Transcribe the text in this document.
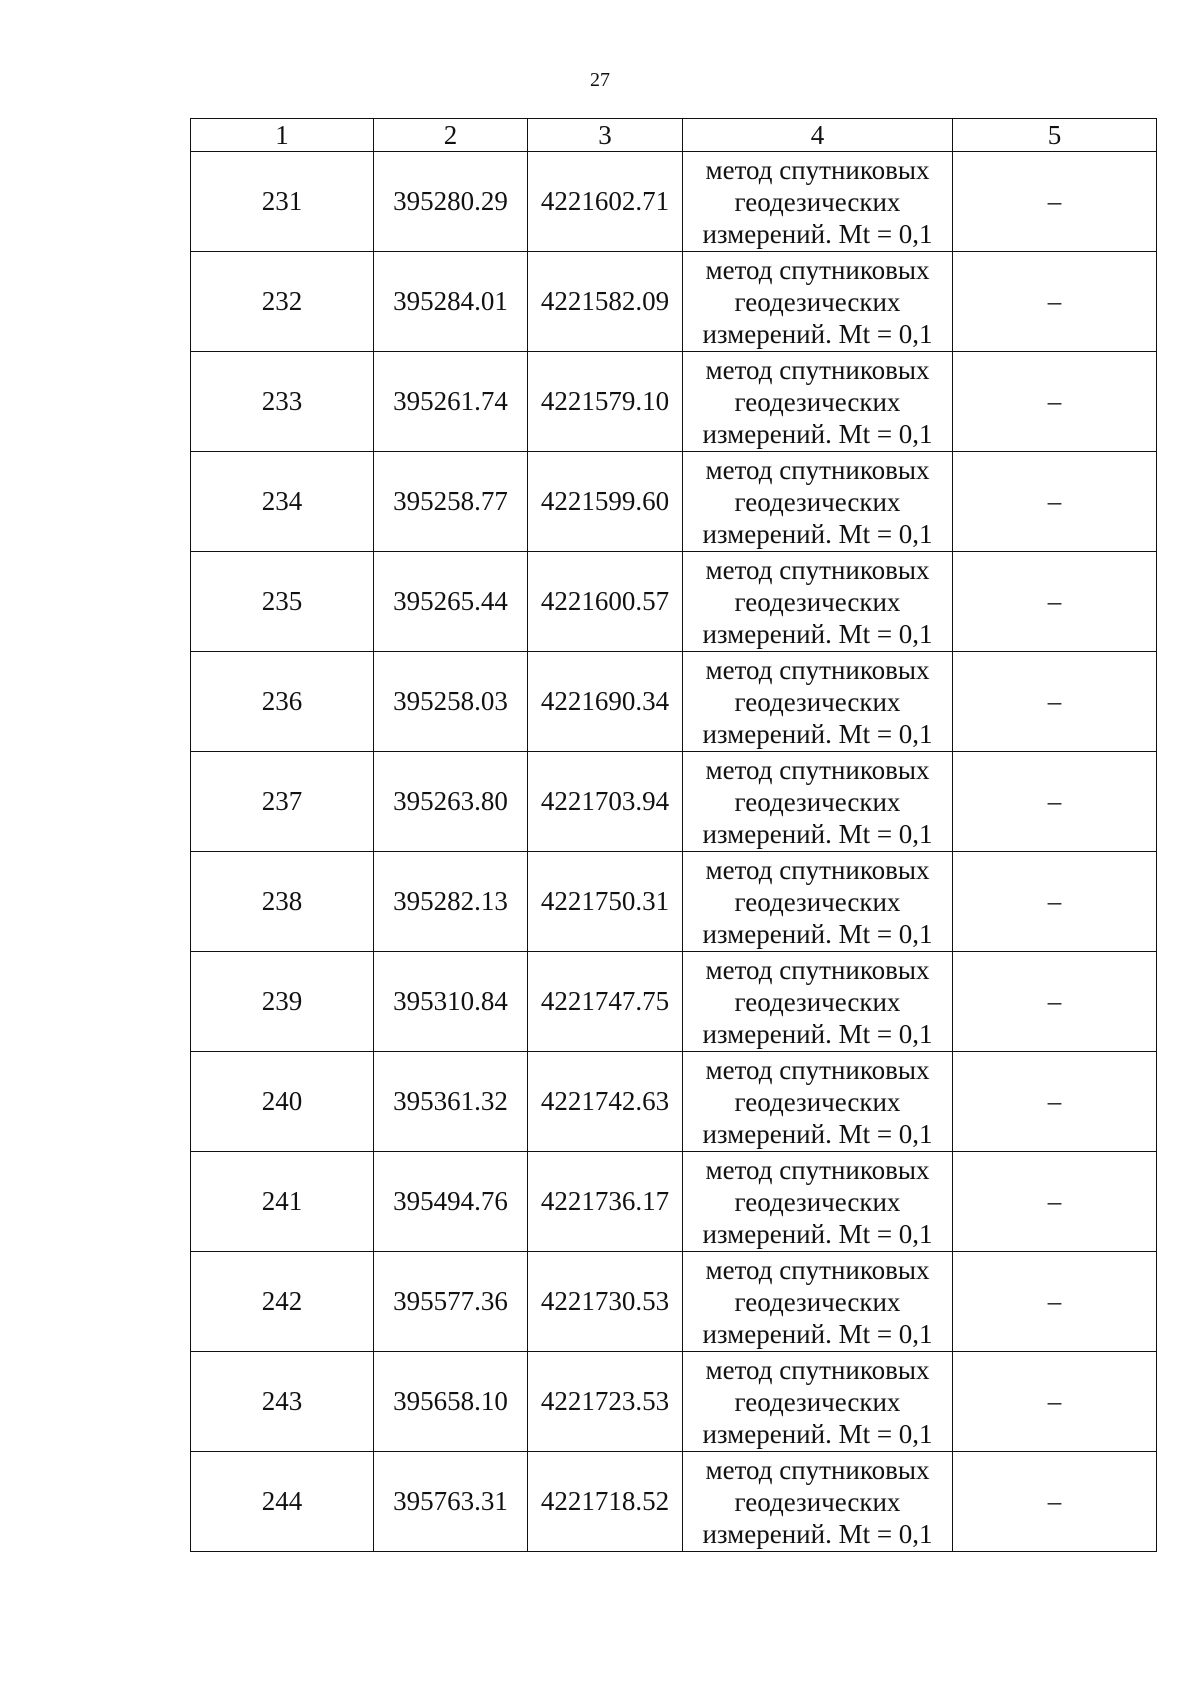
27
1	2	3	4	5
231	395280.29	4221602.71	метод спутниковых
геодезических
измерений. Mt = 0,1	–
232	395284.01	4221582.09	метод спутниковых
геодезических
измерений. Mt = 0,1	–
233	395261.74	4221579.10	метод спутниковых
геодезических
измерений. Mt = 0,1	–
234	395258.77	4221599.60	метод спутниковых
геодезических
измерений. Mt = 0,1	–
235	395265.44	4221600.57	метод спутниковых
геодезических
измерений. Mt = 0,1	–
236	395258.03	4221690.34	метод спутниковых
геодезических
измерений. Mt = 0,1	–
237	395263.80	4221703.94	метод спутниковых
геодезических
измерений. Mt = 0,1	–
238	395282.13	4221750.31	метод спутниковых
геодезических
измерений. Mt = 0,1	–
239	395310.84	4221747.75	метод спутниковых
геодезических
измерений. Mt = 0,1	–
240	395361.32	4221742.63	метод спутниковых
геодезических
измерений. Mt = 0,1	–
241	395494.76	4221736.17	метод спутниковых
геодезических
измерений. Mt = 0,1	–
242	395577.36	4221730.53	метод спутниковых
геодезических
измерений. Mt = 0,1	–
243	395658.10	4221723.53	метод спутниковых
геодезических
измерений. Mt = 0,1	–
244	395763.31	4221718.52	метод спутниковых
геодезических
измерений. Mt = 0,1	–
